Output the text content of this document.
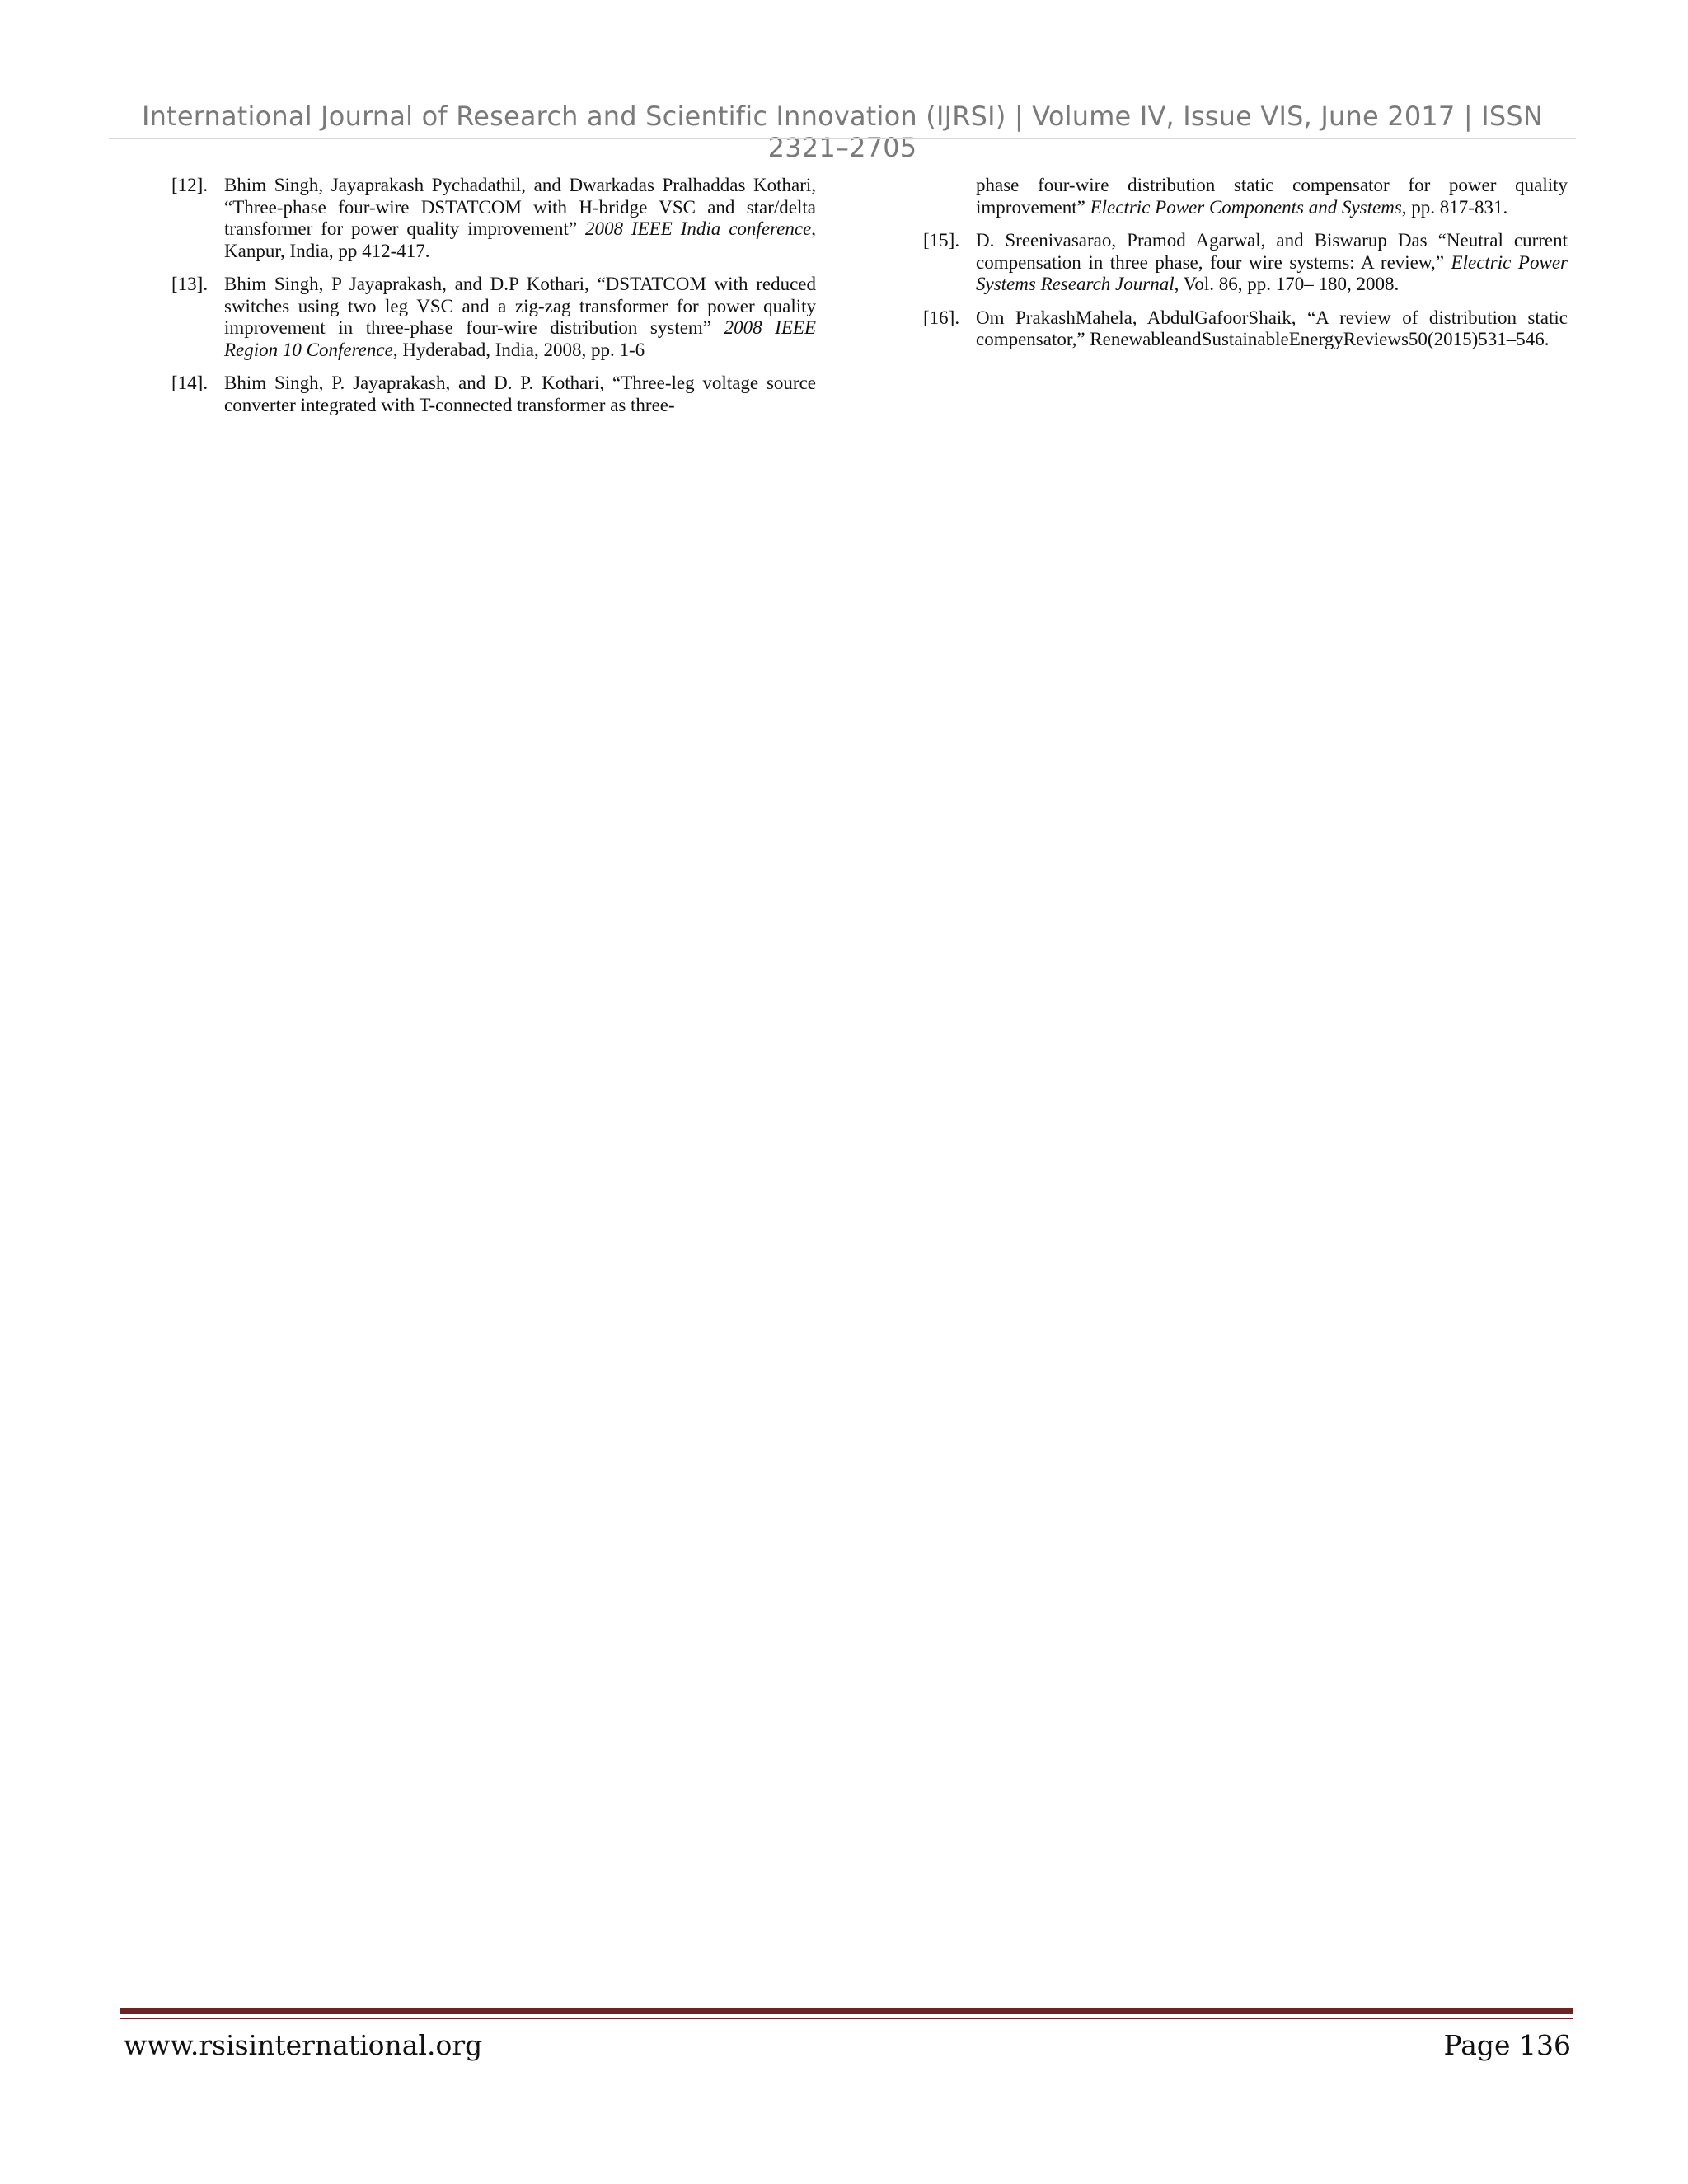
International Journal of Research and Scientific Innovation (IJRSI) | Volume IV, Issue VIS, June 2017 | ISSN 2321–2705
[12]. Bhim Singh, Jayaprakash Pychadathil, and Dwarkadas Pralhaddas Kothari, “Three-phase four-wire DSTATCOM with H-bridge VSC and star/delta transformer for power quality improvement” 2008 IEEE India conference, Kanpur, India, pp 412-417.
[13]. Bhim Singh, P Jayaprakash, and D.P Kothari, “DSTATCOM with reduced switches using two leg VSC and a zig-zag transformer for power quality improvement in three-phase four-wire distribution system” 2008 IEEE Region 10 Conference, Hyderabad, India, 2008, pp. 1-6
[14]. Bhim Singh, P. Jayaprakash, and D. P. Kothari, “Three-leg voltage source converter integrated with T-connected transformer as three-
phase four-wire distribution static compensator for power quality improvement” Electric Power Components and Systems, pp. 817-831.
[15]. D. Sreenivasarao, Pramod Agarwal, and Biswarup Das “Neutral current compensation in three phase, four wire systems: A review,” Electric Power Systems Research Journal, Vol. 86, pp. 170– 180, 2008.
[16]. Om PrakashMahela, AbdulGafoorShaik, “A review of distribution static compensator,” RenewableandSustainableEnergyReviews50(2015)531–546.
www.rsisinternational.org	Page 136
